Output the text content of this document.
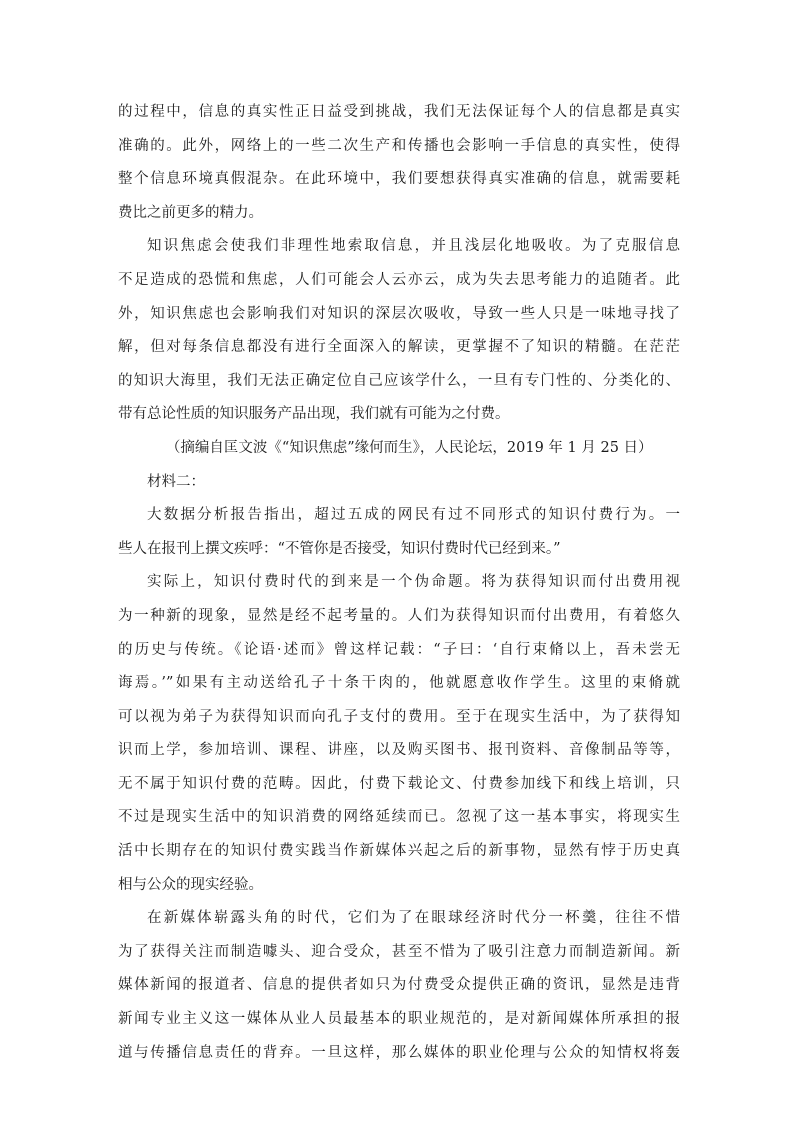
的过程中，信息的真实性正日益受到挑战，我们无法保证每个人的信息都是真实
准确的。此外，网络上的一些二次生产和传播也会影响一手信息的真实性，使得
整个信息环境真假混杂。在此环境中，我们要想获得真实准确的信息，就需要耗
费比之前更多的精力。
知识焦虑会使我们非理性地索取信息，并且浅层化地吸收。为了克服信息
不足造成的恐慌和焦虑，人们可能会人云亦云，成为失去思考能力的追随者。此
外，知识焦虑也会影响我们对知识的深层次吸收，导致一些人只是一味地寻找了
解，但对每条信息都没有进行全面深入的解读，更掌握不了知识的精髓。在茫茫
的知识大海里，我们无法正确定位自己应该学什么，一旦有专门性的、分类化的、
带有总论性质的知识服务产品出现，我们就有可能为之付费。
（摘编自匡文波《“知识焦虑”缘何而生》，人民论坛，2019 年 1 月 25 日）
材料二：
大数据分析报告指出，超过五成的网民有过不同形式的知识付费行为。一
些人在报刊上撰文疾呼：“不管你是否接受，知识付费时代已经到来。”
实际上，知识付费时代的到来是一个伪命题。将为获得知识而付出费用视
为一种新的现象，显然是经不起考量的。人们为获得知识而付出费用，有着悠久
的历史与传统。《论语·述而》曾这样记载：“子曰：‘自行束脩以上，吾未尝无
诲焉。’”如果有主动送给孔子十条干肉的，他就愿意收作学生。这里的束脩就
可以视为弟子为获得知识而向孔子支付的费用。至于在现实生活中，为了获得知
识而上学，参加培训、课程、讲座，以及购买图书、报刊资料、音像制品等等，
无不属于知识付费的范畴。因此，付费下载论文、付费参加线下和线上培训，只
不过是现实生活中的知识消费的网络延续而已。忽视了这一基本事实，将现实生
活中长期存在的知识付费实践当作新媒体兴起之后的新事物，显然有悖于历史真
相与公众的现实经验。
在新媒体崭露头角的时代，它们为了在眼球经济时代分一杯羹，往往不惜
为了获得关注而制造噱头、迎合受众，甚至不惜为了吸引注意力而制造新闻。新
媒体新闻的报道者、信息的提供者如只为付费受众提供正确的资讯，显然是违背
新闻专业主义这一媒体从业人员最基本的职业规范的，是对新闻媒体所承担的报
道与传播信息责任的背弃。一旦这样，那么媒体的职业伦理与公众的知情权将轰
